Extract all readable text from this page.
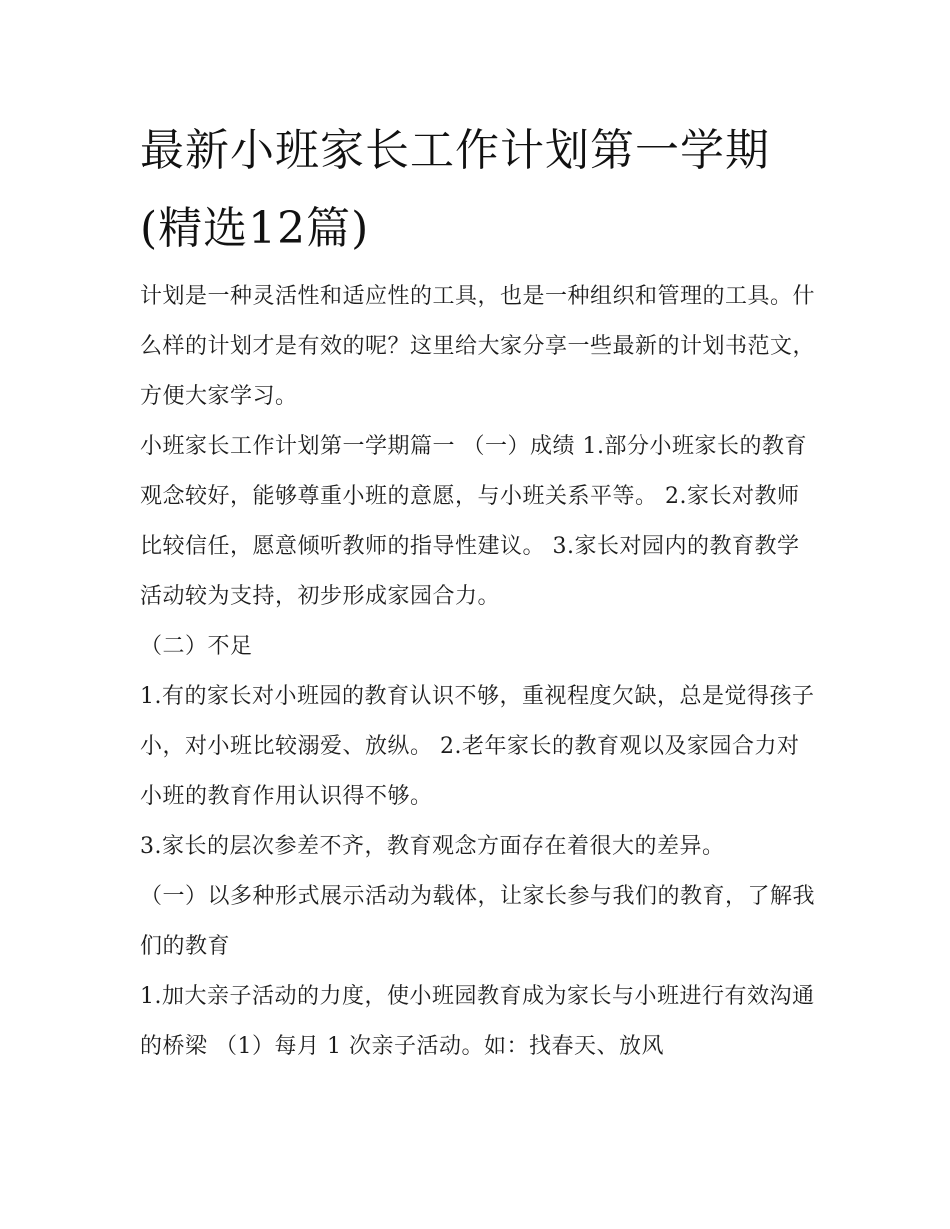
最新小班家长工作计划第一学期(精选12篇)

计划是一种灵活性和适应性的工具，也是一种组织和管理的工具。什么样的计划才是有效的呢？这里给大家分享一些最新的计划书范文，方便大家学习。

小班家长工作计划第一学期篇一 （一）成绩 1.部分小班家长的教育观念较好，能够尊重小班的意愿，与小班关系平等。 2.家长对教师比较信任，愿意倾听教师的指导性建议。 3.家长对园内的教育教学活动较为支持，初步形成家园合力。

（二）不足

1.有的家长对小班园的教育认识不够，重视程度欠缺，总是觉得孩子小，对小班比较溺爱、放纵。 2.老年家长的教育观以及家园合力对小班的教育作用认识得不够。

3.家长的层次参差不齐，教育观念方面存在着很大的差异。

（一）以多种形式展示活动为载体，让家长参与我们的教育，了解我们的教育

1.加大亲子活动的力度，使小班园教育成为家长与小班进行有效沟通的桥梁 （1）每月 1 次亲子活动。如：找春天、放风
